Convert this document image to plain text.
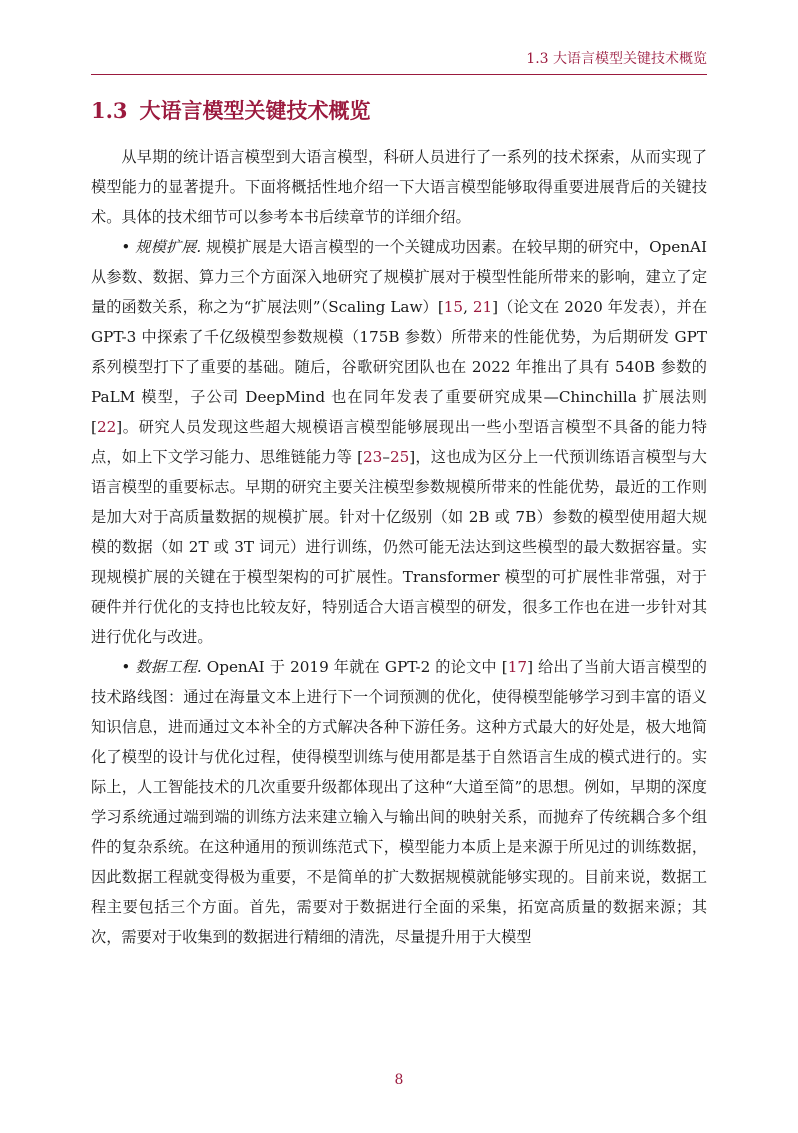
1.3 大语言模型关键技术概览
1.3 大语言模型关键技术概览

从早期的统计语言模型到大语言模型，科研人员进行了一系列的技术探索，从而实现了模型能力的显著提升。下面将概括性地介绍一下大语言模型能够取得重要进展背后的关键技术。具体的技术细节可以参考本书后续章节的详细介绍。

• 规模扩展. 规模扩展是大语言模型的一个关键成功因素。在较早期的研究中，OpenAI 从参数、数据、算力三个方面深入地研究了规模扩展对于模型性能所带来的影响，建立了定量的函数关系，称之为“扩展法则”（Scaling Law）[15, 21]（论文在 2020 年发表），并在 GPT-3 中探索了千亿级模型参数规模（175B 参数）所带来的性能优势，为后期研发 GPT 系列模型打下了重要的基础。随后，谷歌研究团队也在 2022 年推出了具有 540B 参数的 PaLM 模型，子公司 DeepMind 也在同年发表了重要研究成果—Chinchilla 扩展法则 [22]。研究人员发现这些超大规模语言模型能够展现出一些小型语言模型不具备的能力特点，如上下文学习能力、思维链能力等 [23–25]，这也成为区分上一代预训练语言模型与大语言模型的重要标志。早期的研究主要关注模型参数规模所带来的性能优势，最近的工作则是加大对于高质量数据的规模扩展。针对十亿级别（如 2B 或 7B）参数的模型使用超大规模的数据（如 2T 或 3T 词元）进行训练，仍然可能无法达到这些模型的最大数据容量。实现规模扩展的关键在于模型架构的可扩展性。Transformer 模型的可扩展性非常强，对于硬件并行优化的支持也比较友好，特别适合大语言模型的研发，很多工作也在进一步针对其进行优化与改进。

• 数据工程. OpenAI 于 2019 年就在 GPT-2 的论文中 [17] 给出了当前大语言模型的技术路线图：通过在海量文本上进行下一个词预测的优化，使得模型能够学习到丰富的语义知识信息，进而通过文本补全的方式解决各种下游任务。这种方式最大的好处是，极大地简化了模型的设计与优化过程，使得模型训练与使用都是基于自然语言生成的模式进行的。实际上，人工智能技术的几次重要升级都体现出了这种“大道至简”的思想。例如，早期的深度学习系统通过端到端的训练方法来建立输入与输出间的映射关系，而抛弃了传统耦合多个组件的复杂系统。在这种通用的预训练范式下，模型能力本质上是来源于所见过的训练数据，因此数据工程就变得极为重要，不是简单的扩大数据规模就能够实现的。目前来说，数据工程主要包括三个方面。首先，需要对于数据进行全面的采集，拓宽高质量的数据来源；其次，需要对于收集到的数据进行精细的清洗，尽量提升用于大模型

8
